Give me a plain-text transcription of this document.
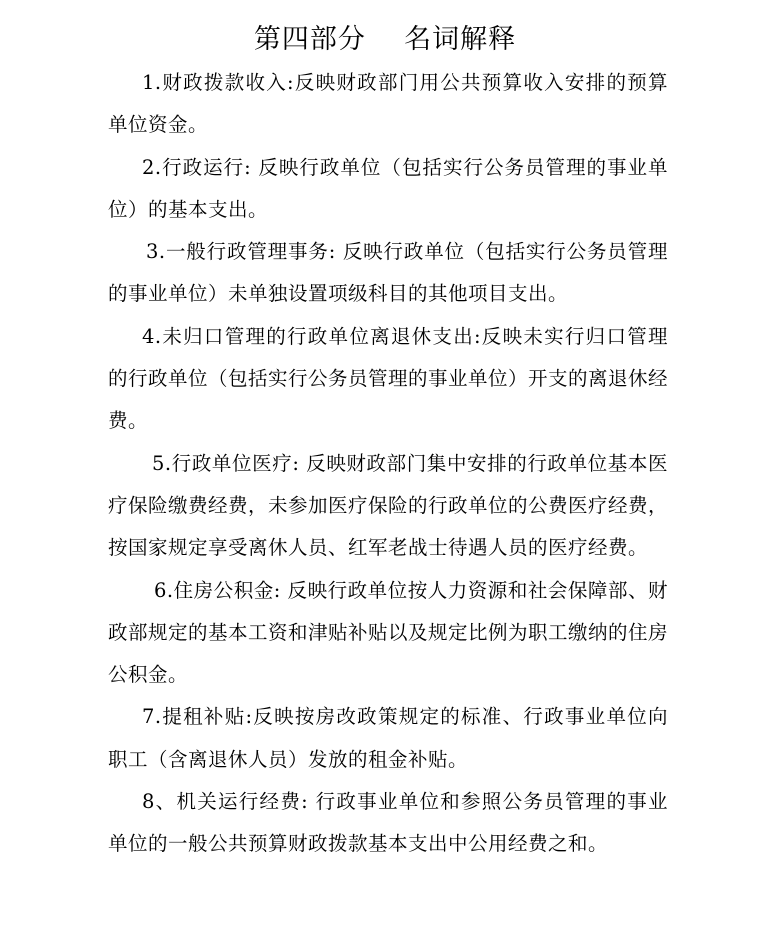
第四部分    名词解释

1.财政拨款收入:反映财政部门用公共预算收入安排的预算单位资金。

2.行政运行: 反映行政单位（包括实行公务员管理的事业单位）的基本支出。

3.一般行政管理事务: 反映行政单位（包括实行公务员管理的事业单位）未单独设置项级科目的其他项目支出。

4.未归口管理的行政单位离退休支出:反映未实行归口管理的行政单位（包括实行公务员管理的事业单位）开支的离退休经费。

5.行政单位医疗: 反映财政部门集中安排的行政单位基本医疗保险缴费经费，未参加医疗保险的行政单位的公费医疗经费，按国家规定享受离休人员、红军老战士待遇人员的医疗经费。

6.住房公积金: 反映行政单位按人力资源和社会保障部、财政部规定的基本工资和津贴补贴以及规定比例为职工缴纳的住房公积金。

7.提租补贴:反映按房改政策规定的标准、行政事业单位向职工（含离退休人员）发放的租金补贴。

8、机关运行经费: 行政事业单位和参照公务员管理的事业单位的一般公共预算财政拨款基本支出中公用经费之和。
